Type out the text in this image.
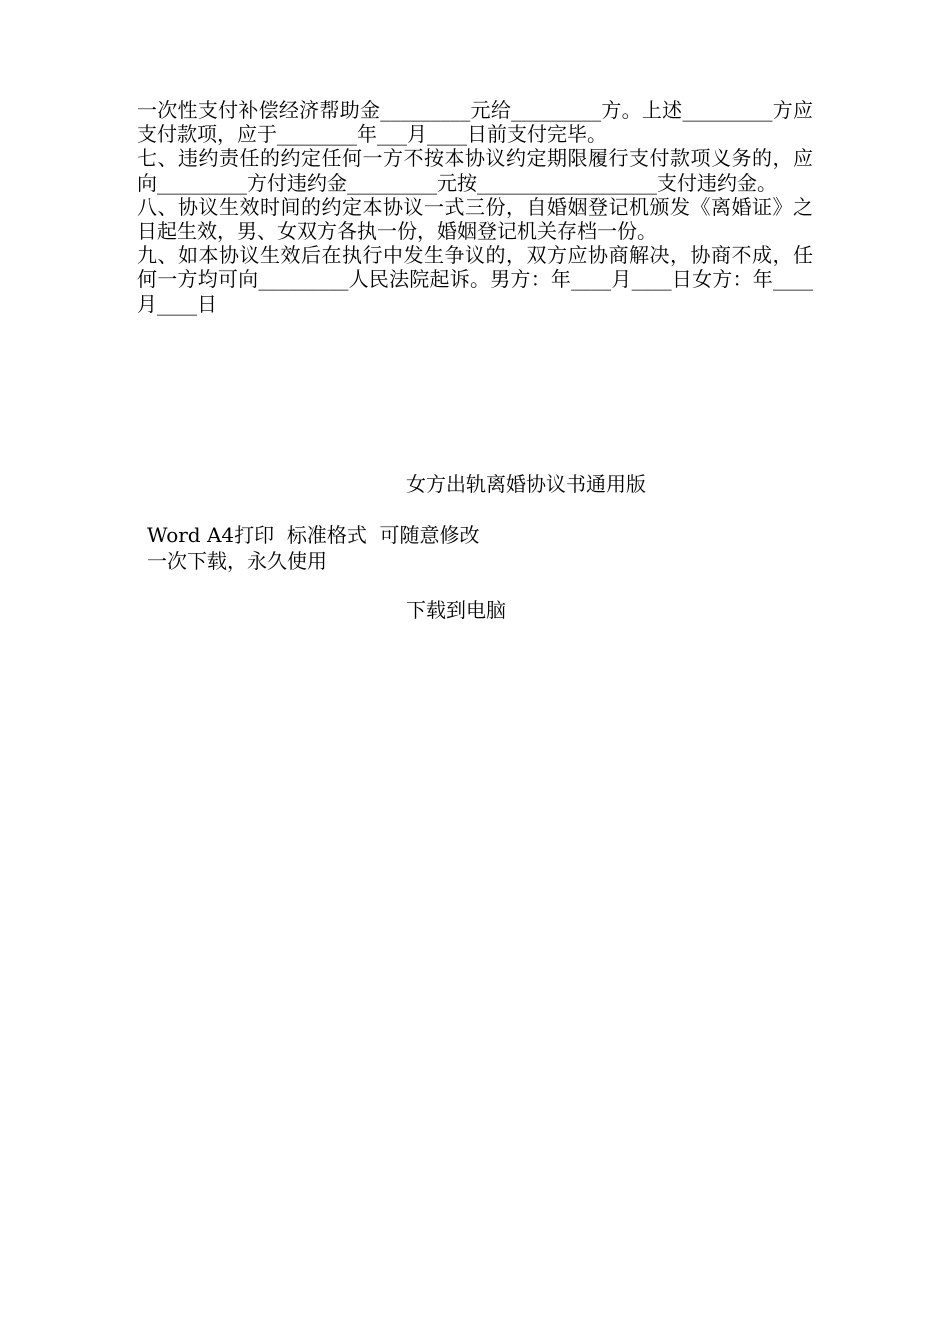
一次性支付补偿经济帮助金_________元给_________方。上述_________方应支付款项，应于________年___月____日前支付完毕。

七、违约责任的约定任何一方不按本协议约定期限履行支付款项义务的，应向_________方付违约金_________元按__________________支付违约金。

八、协议生效时间的约定本协议一式三份，自婚姻登记机颁发《离婚证》之日起生效，男、女双方各执一份，婚姻登记机关存档一份。

九、如本协议生效后在执行中发生争议的，双方应协商解决，协商不成，任何一方均可向_________人民法院起诉。男方：年____月____日女方：年____月____日

女方出轨离婚协议书通用版
Word A4打印  标准格式  可随意修改
一次下载，永久使用
下载到电脑
